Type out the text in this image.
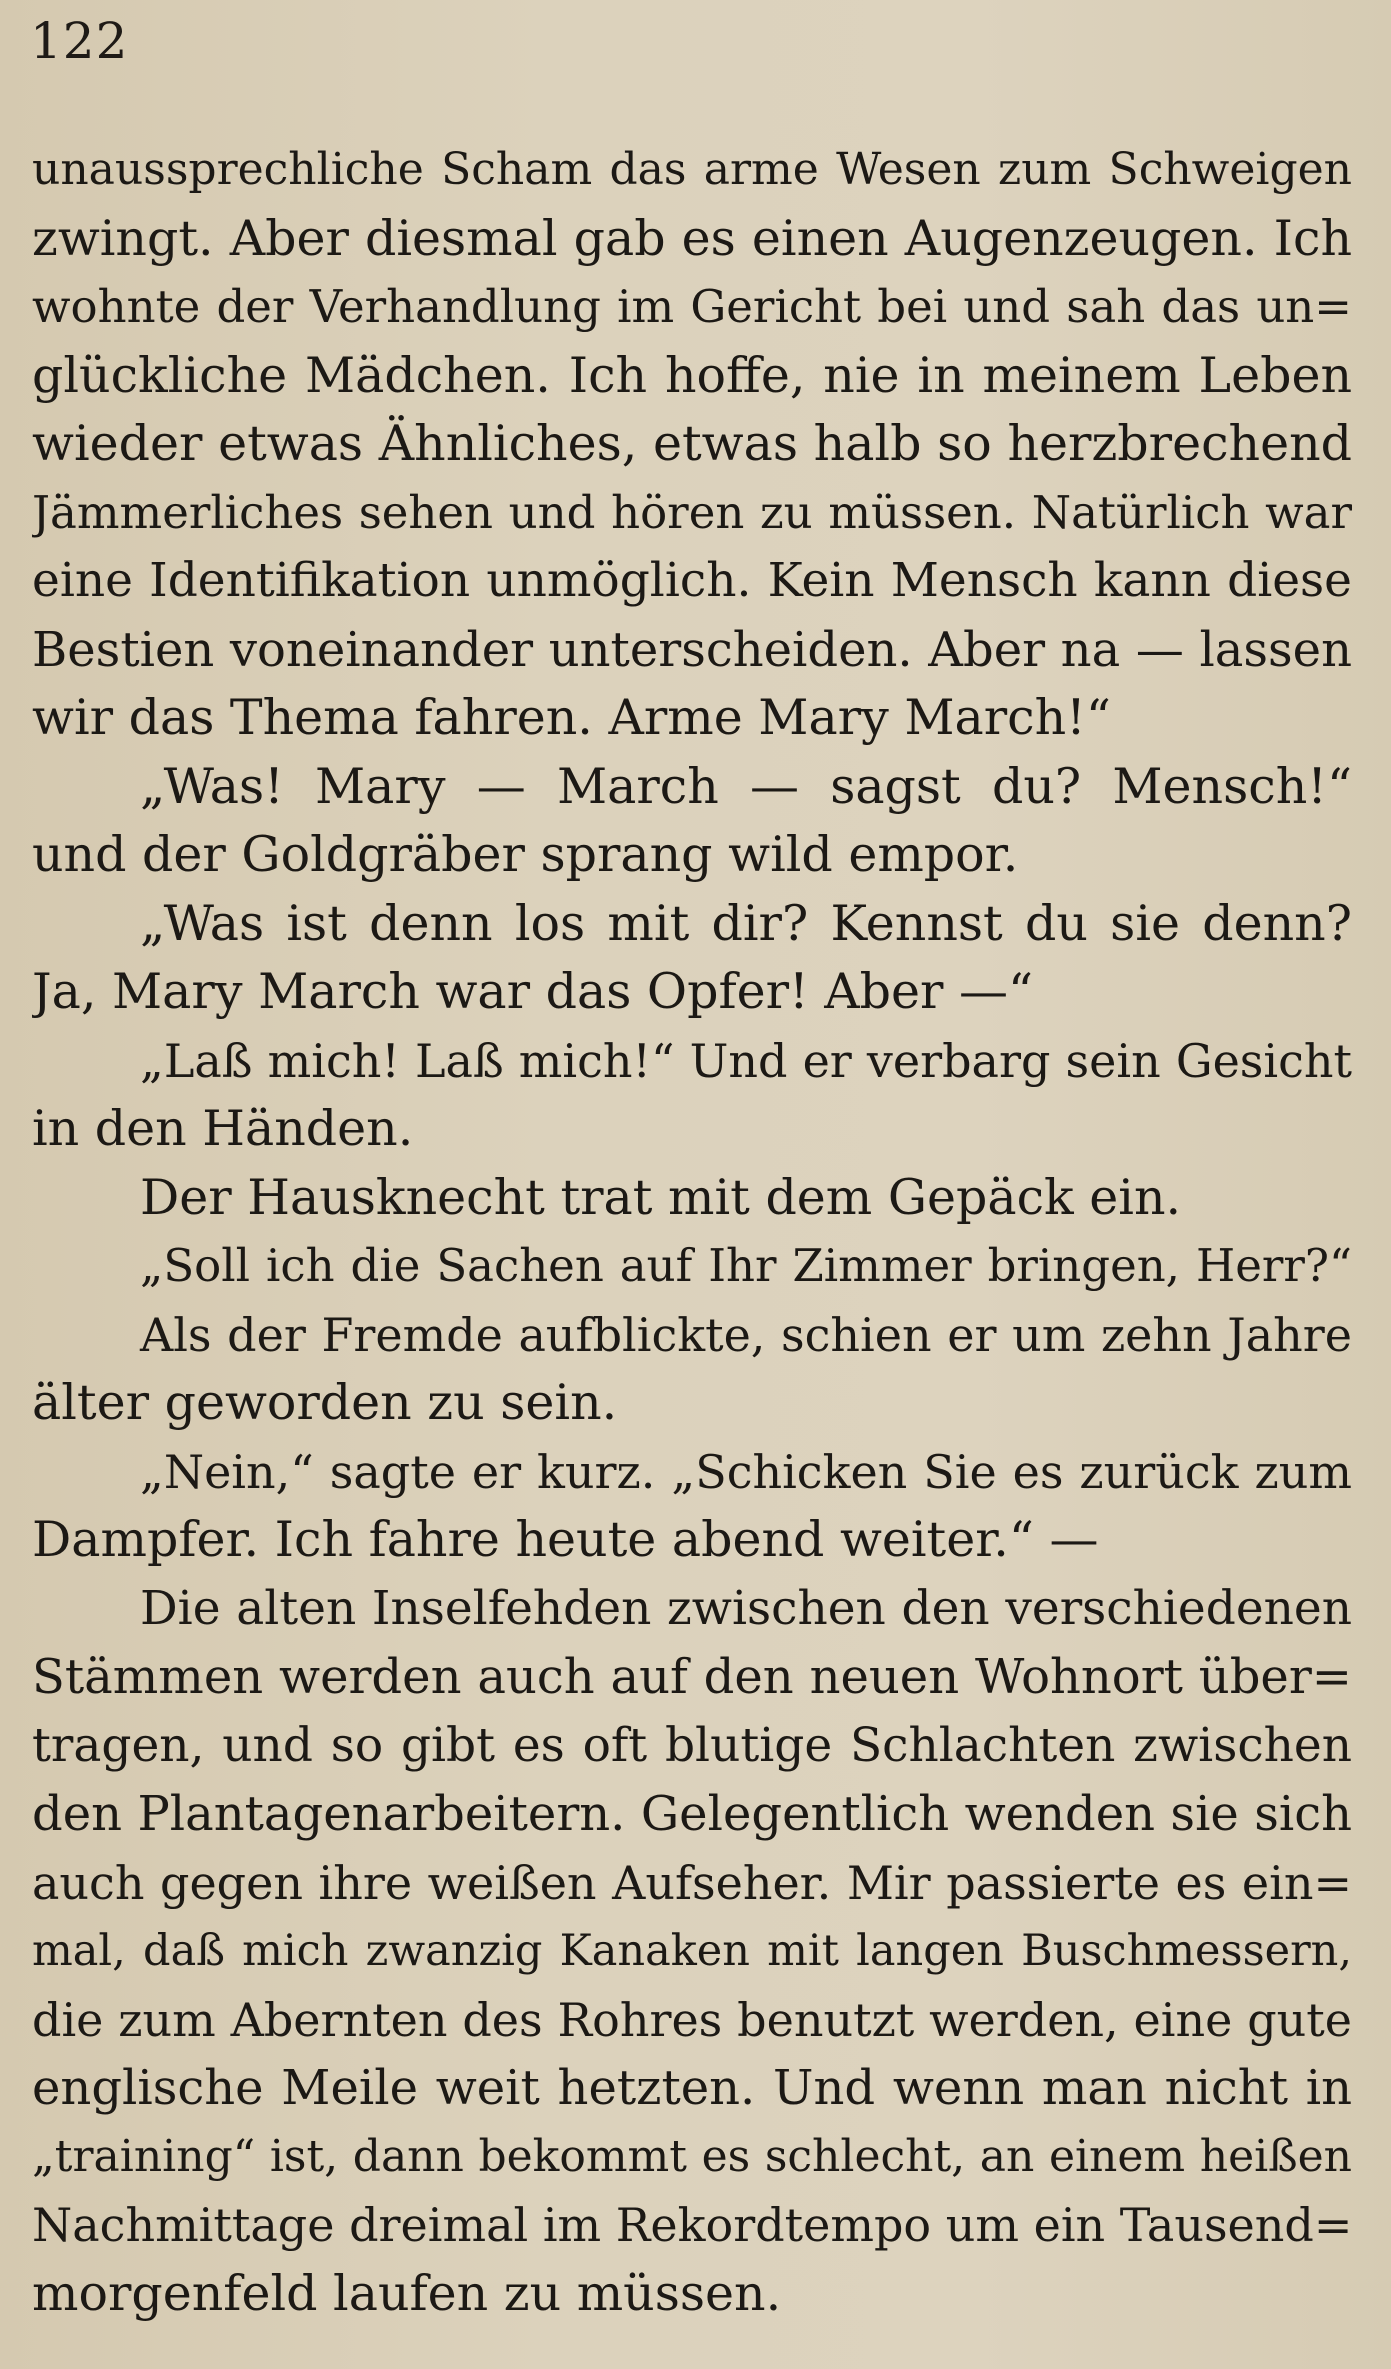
122
unaussprechliche Scham das arme Wesen zum Schweigen
zwingt. Aber diesmal gab es einen Augenzeugen. Ich
wohnte der Verhandlung im Gericht bei und sah das un=
glückliche Mädchen. Ich hoffe, nie in meinem Leben
wieder etwas Ähnliches, etwas halb so herzbrechend
Jämmerliches sehen und hören zu müssen. Natürlich war
eine Identifikation unmöglich. Kein Mensch kann diese
Bestien voneinander unterscheiden. Aber na — lassen
wir das Thema fahren. Arme Mary March!“
„Was! Mary — March — sagst du? Mensch!“
und der Goldgräber sprang wild empor.
„Was ist denn los mit dir? Kennst du sie denn?
Ja, Mary March war das Opfer! Aber —“
„Laß mich! Laß mich!“ Und er verbarg sein Gesicht
in den Händen.
Der Hausknecht trat mit dem Gepäck ein.
„Soll ich die Sachen auf Ihr Zimmer bringen, Herr?“
Als der Fremde aufblickte, schien er um zehn Jahre
älter geworden zu sein.
„Nein,“ sagte er kurz. „Schicken Sie es zurück zum
Dampfer. Ich fahre heute abend weiter.“ —
Die alten Inselfehden zwischen den verschiedenen
Stämmen werden auch auf den neuen Wohnort über=
tragen, und so gibt es oft blutige Schlachten zwischen
den Plantagenarbeitern. Gelegentlich wenden sie sich
auch gegen ihre weißen Aufseher. Mir passierte es ein=
mal, daß mich zwanzig Kanaken mit langen Buschmessern,
die zum Abernten des Rohres benutzt werden, eine gute
englische Meile weit hetzten. Und wenn man nicht in
„training“ ist, dann bekommt es schlecht, an einem heißen
Nachmittage dreimal im Rekordtempo um ein Tausend=
morgenfeld laufen zu müssen.
